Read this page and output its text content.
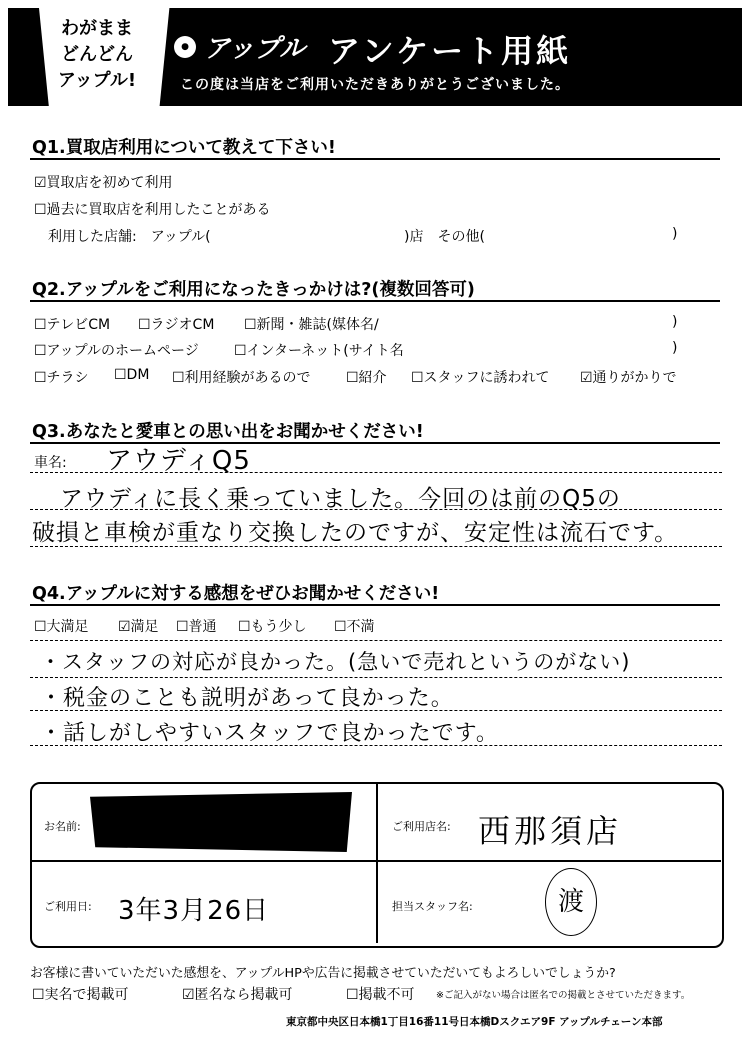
わがまま
どんどん
アップル!
● アップル アンケート用紙
この度は当店をご利用いただきありがとうございました。
Q1.買取店利用について教えて下さい!
☑買取店を初めて利用
☐過去に買取店を利用したことがある
利用した店舗:　アップル(	)店　その他(	)
Q2.アップルをご利用になったきっかけは?(複数回答可)
☐テレビCM ☐ラジオCM ☐新聞・雑誌(媒体名/	)
☐アップルのホームページ	☐インターネット(サイト名	)
☐チラシ ☐DM ☐利用経験があるので	☐紹介 ☐スタッフに誘われて ☑通りがかりで
Q3.あなたと愛車との思い出をお聞かせください!
車名: アウディQ5
アウディに長く乗っていました。今回のは前のQ5の
破損と車検が重なり交換したのですが、安定性は流石です。
Q4.アップルに対する感想をぜひお聞かせください!
☐大満足 ☑満足 ☐普通 ☐もう少し ☐不満
・スタッフの対応が良かった。(急いで売れというのがない)
・税金のことも説明があって良かった。
・話しがしやすいスタッフで良かったです。
お名前:	ご利用店名: 西那須店
ご利用日: 3年3月26日	担当スタッフ名:	渡
お客様に書いていただいた感想を、アップルHPや広告に掲載させていただいてもよろしいでしょうか?
☐実名で掲載可	☑匿名なら掲載可	☐掲載不可 ※ご記入がない場合は匿名での掲載とさせていただきます。
東京都中央区日本橋1丁目16番11号日本橋Dスクエア9F アップルチェーン本部
